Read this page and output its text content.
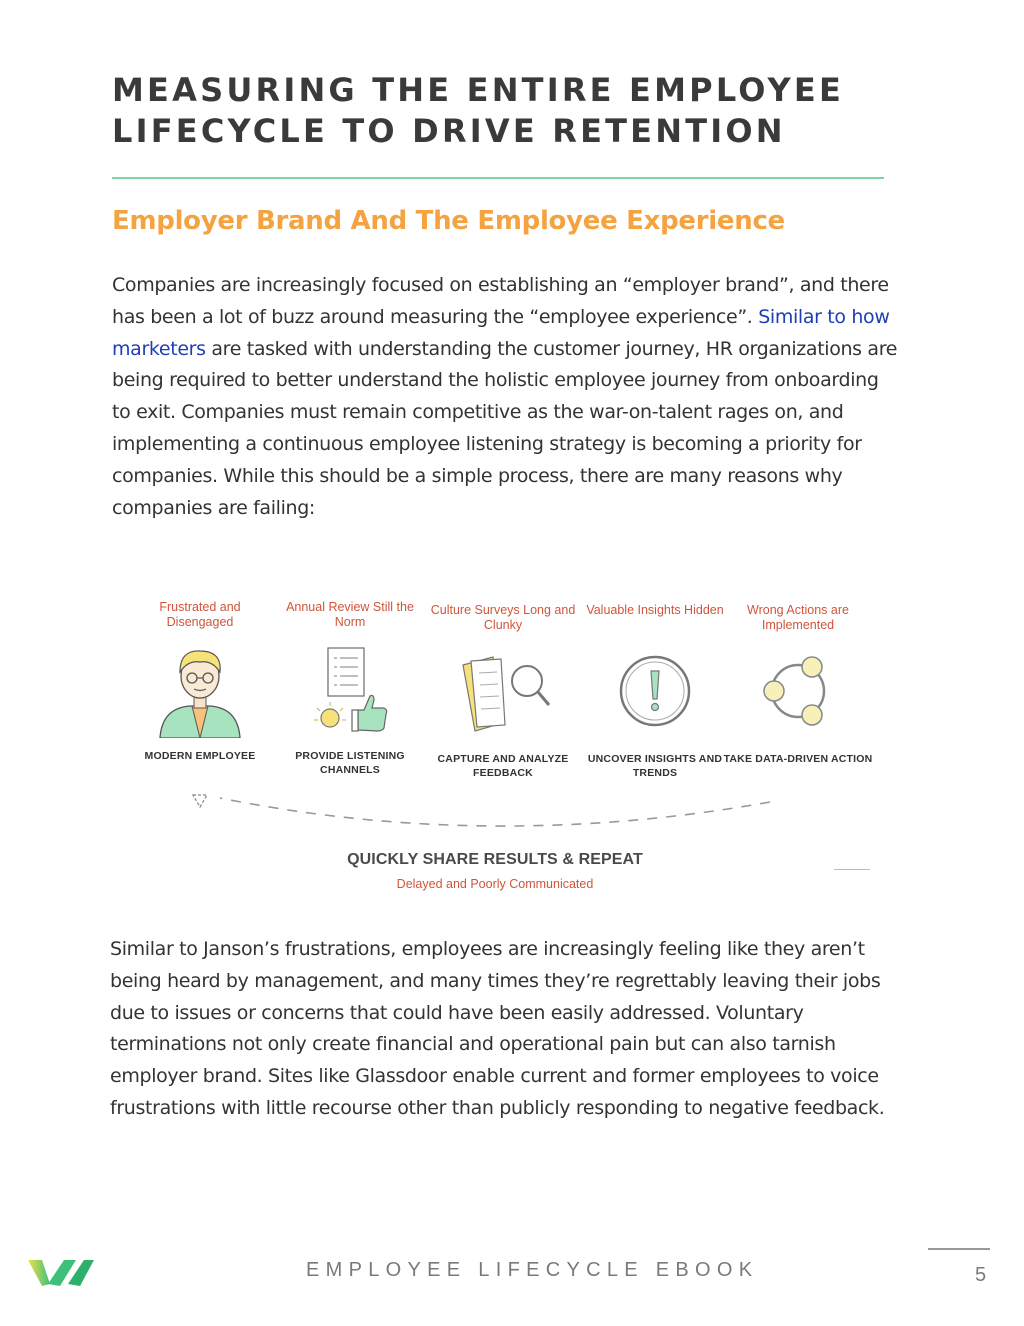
MEASURING THE ENTIRE EMPLOYEE LIFECYCLE TO DRIVE RETENTION
Employer Brand And The Employee Experience

Companies are increasingly focused on establishing an “employer brand”, and there has been a lot of buzz around measuring the “employee experience”. Similar to how marketers are tasked with understanding the customer journey, HR organizations are being required to better understand the holistic employee journey from onboarding to exit. Companies must remain competitive as the war-on-talent rages on, and implementing a continuous employee listening strategy is becoming a priority for companies. While this should be a simple process, there are many reasons why companies are failing:

Frustrated and Disengaged
MODERN EMPLOYEE
Annual Review Still the Norm
PROVIDE LISTENING CHANNELS
Culture Surveys Long and Clunky
CAPTURE AND ANALYZE FEEDBACK
Valuable Insights Hidden
UNCOVER INSIGHTS AND TRENDS
Wrong Actions are Implemented
TAKE DATA-DRIVEN ACTION
QUICKLY SHARE RESULTS & REPEAT
Delayed and Poorly Communicated

Similar to Janson’s frustrations, employees are increasingly feeling like they aren’t being heard by management, and many times they’re regrettably leaving their jobs due to issues or concerns that could have been easily addressed. Voluntary terminations not only create financial and operational pain but can also tarnish employer brand. Sites like Glassdoor enable current and former employees to voice frustrations with little recourse other than publicly responding to negative feedback.

EMPLOYEE LIFECYCLE EBOOK	5
